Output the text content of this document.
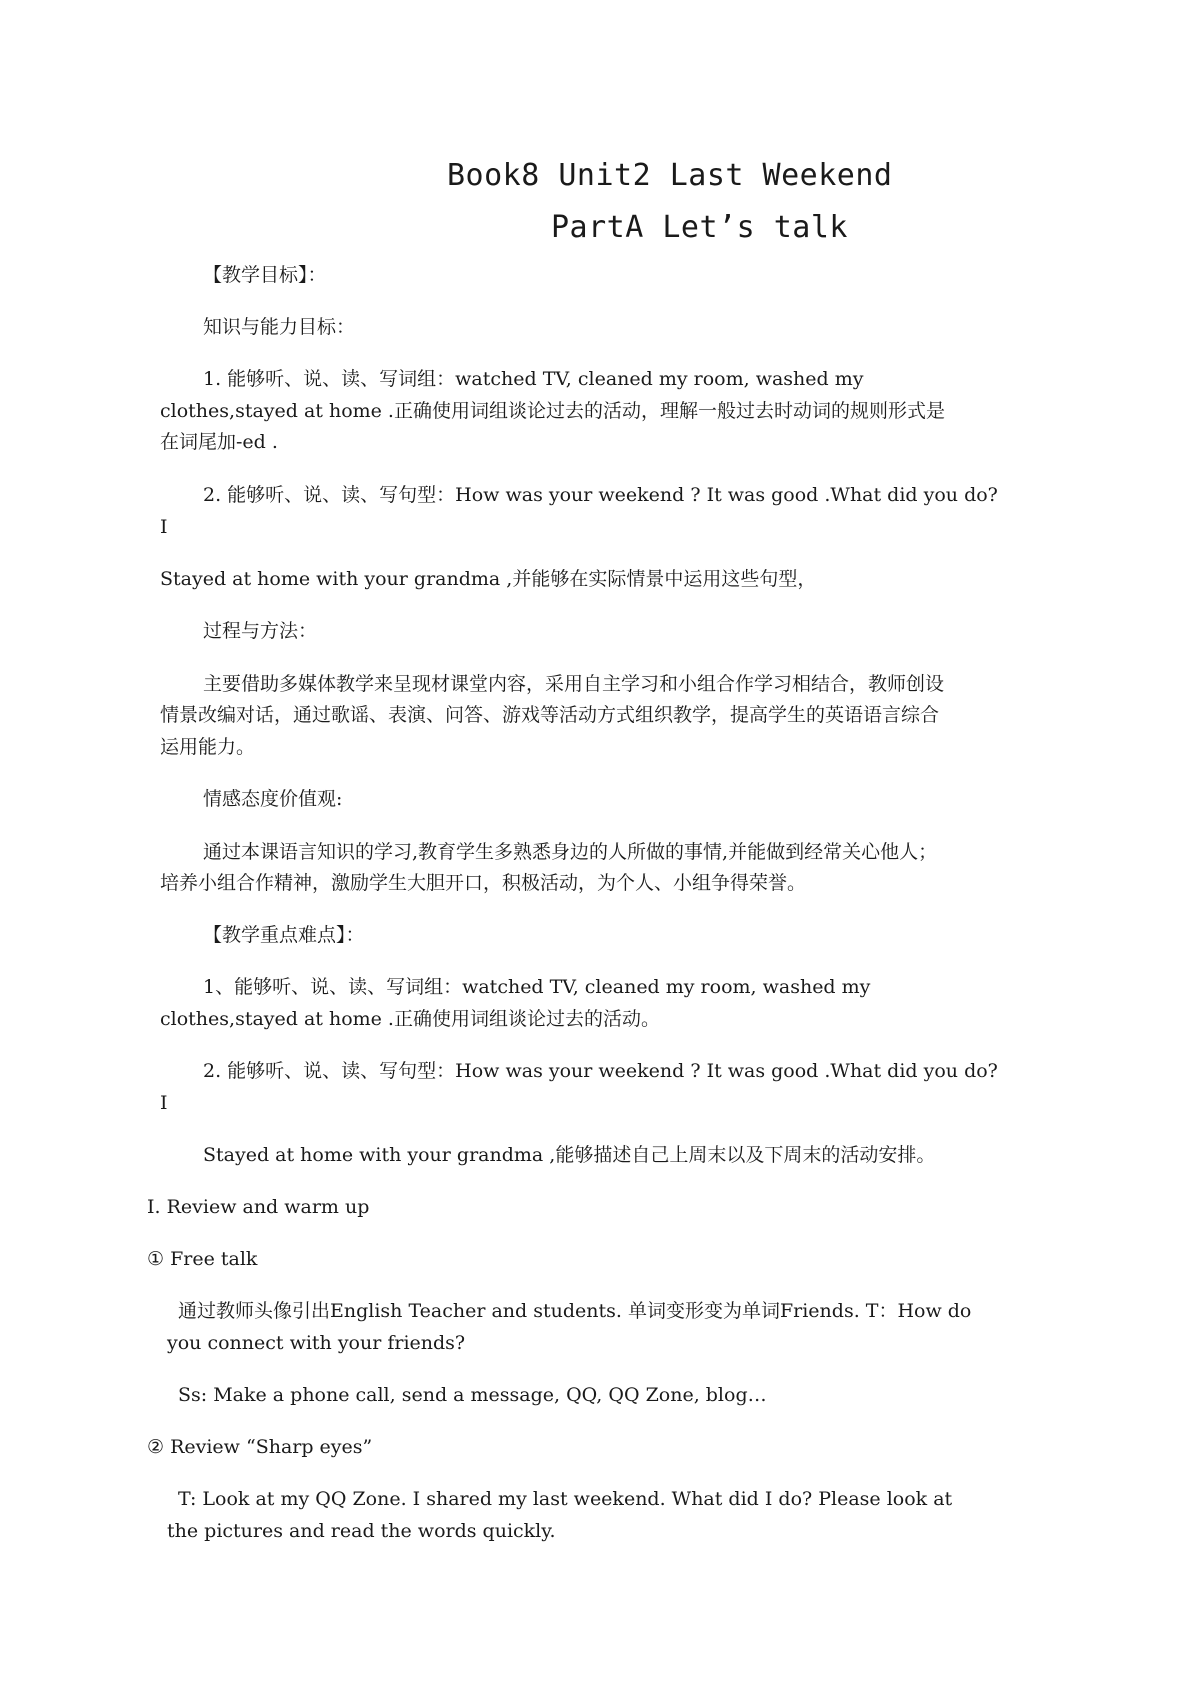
Book8 Unit2 Last Weekend
PartA Let’s talk
【教学目标】：
知识与能力目标：
1. 能够听、说、读、写词组：watched TV, cleaned my room, washed my
clothes,stayed at home .正确使用词组谈论过去的活动，理解一般过去时动词的规则形式是
在词尾加-ed .
2. 能够听、说、读、写句型：How was your weekend ? It was good .What did you do?
I
Stayed at home with your grandma ,并能够在实际情景中运用这些句型，
过程与方法：
主要借助多媒体教学来呈现材课堂内容，采用自主学习和小组合作学习相结合，教师创设
情景改编对话，通过歌谣、表演、问答、游戏等活动方式组织教学，提高学生的英语语言综合
运用能力。
情感态度价值观:
通过本课语言知识的学习,教育学生多熟悉身边的人所做的事情,并能做到经常关心他人；
培养小组合作精神，激励学生大胆开口，积极活动，为个人、小组争得荣誉。
【教学重点难点】：
1、能够听、说、读、写词组：watched TV, cleaned my room, washed my
clothes,stayed at home .正确使用词组谈论过去的活动。
2. 能够听、说、读、写句型：How was your weekend ? It was good .What did you do?
I
Stayed at home with your grandma ,能够描述自己上周末以及下周末的活动安排。
I. Review and warm up
① Free talk
通过教师头像引出English Teacher and students. 单词变形变为单词Friends. T：How do
you connect with your friends?
Ss: Make a phone call, send a message, QQ, QQ Zone, blog…
② Review “Sharp eyes”
T: Look at my QQ Zone. I shared my last weekend. What did I do? Please look at
the pictures and read the words quickly.
